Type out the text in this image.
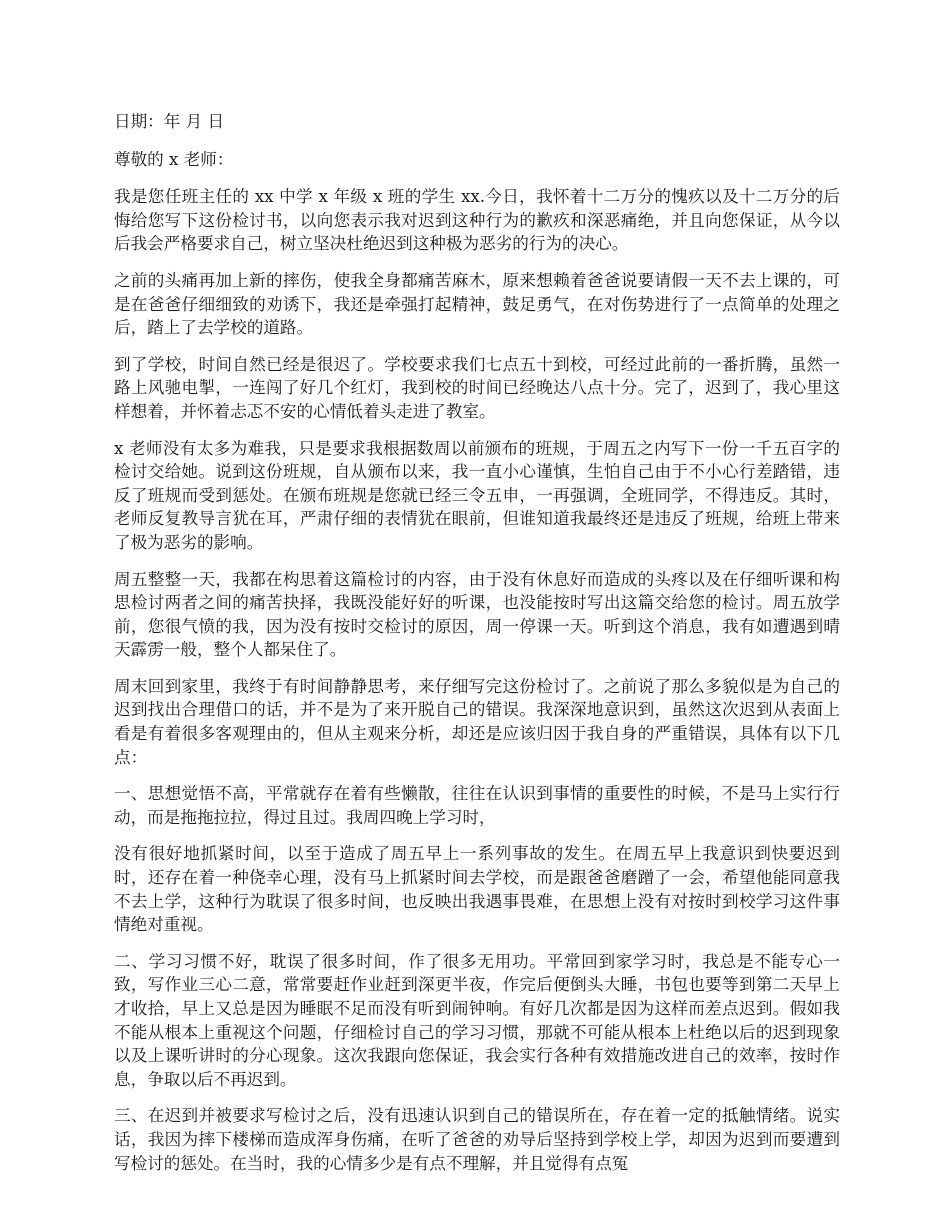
日期：年 月 日

尊敬的 x 老师：

我是您任班主任的 xx 中学 x 年级 x 班的学生 xx.今日，我怀着十二万分的愧疚以及十二万分的后悔给您写下这份检讨书，以向您表示我对迟到这种行为的歉疚和深恶痛绝，并且向您保证，从今以后我会严格要求自己，树立坚决杜绝迟到这种极为恶劣的行为的决心。

之前的头痛再加上新的摔伤，使我全身都痛苦麻木，原来想赖着爸爸说要请假一天不去上课的，可是在爸爸仔细细致的劝诱下，我还是牵强打起精神，鼓足勇气，在对伤势进行了一点简单的处理之后，踏上了去学校的道路。

到了学校，时间自然已经是很迟了。学校要求我们七点五十到校，可经过此前的一番折腾，虽然一路上风驰电掣，一连闯了好几个红灯，我到校的时间已经晚达八点十分。完了，迟到了，我心里这样想着，并怀着忐忑不安的心情低着头走进了教室。

x 老师没有太多为难我，只是要求我根据数周以前颁布的班规，于周五之内写下一份一千五百字的检讨交给她。说到这份班规，自从颁布以来，我一直小心谨慎，生怕自己由于不小心行差踏错，违反了班规而受到惩处。在颁布班规是您就已经三令五申，一再强调，全班同学，不得违反。其时，老师反复教导言犹在耳，严肃仔细的表情犹在眼前，但谁知道我最终还是违反了班规，给班上带来了极为恶劣的影响。

周五整整一天，我都在构思着这篇检讨的内容，由于没有休息好而造成的头疼以及在仔细听课和构思检讨两者之间的痛苦抉择，我既没能好好的听课，也没能按时写出这篇交给您的检讨。周五放学前，您很气愤的我，因为没有按时交检讨的原因，周一停课一天。听到这个消息，我有如遭遇到晴天霹雳一般，整个人都呆住了。

周末回到家里，我终于有时间静静思考，来仔细写完这份检讨了。之前说了那么多貌似是为自己的迟到找出合理借口的话，并不是为了来开脱自己的错误。我深深地意识到，虽然这次迟到从表面上看是有着很多客观理由的，但从主观来分析，却还是应该归因于我自身的严重错误，具体有以下几点：

一、思想觉悟不高，平常就存在着有些懒散，往往在认识到事情的重要性的时候，不是马上实行行动，而是拖拖拉拉，得过且过。我周四晚上学习时，

没有很好地抓紧时间，以至于造成了周五早上一系列事故的发生。在周五早上我意识到快要迟到时，还存在着一种侥幸心理，没有马上抓紧时间去学校，而是跟爸爸磨蹭了一会，希望他能同意我不去上学，这种行为耽误了很多时间，也反映出我遇事畏难，在思想上没有对按时到校学习这件事情绝对重视。

二、学习习惯不好，耽误了很多时间，作了很多无用功。平常回到家学习时，我总是不能专心一致，写作业三心二意，常常要赶作业赶到深更半夜，作完后便倒头大睡，书包也要等到第二天早上才收拾，早上又总是因为睡眠不足而没有听到闹钟响。有好几次都是因为这样而差点迟到。假如我不能从根本上重视这个问题，仔细检讨自己的学习习惯，那就不可能从根本上杜绝以后的迟到现象以及上课听讲时的分心现象。这次我跟向您保证，我会实行各种有效措施改进自己的效率，按时作息，争取以后不再迟到。

三、在迟到并被要求写检讨之后，没有迅速认识到自己的错误所在，存在着一定的抵触情绪。说实话，我因为摔下楼梯而造成浑身伤痛，在听了爸爸的劝导后坚持到学校上学，却因为迟到而要遭到写检讨的惩处。在当时，我的心情多少是有点不理解，并且觉得有点冤
